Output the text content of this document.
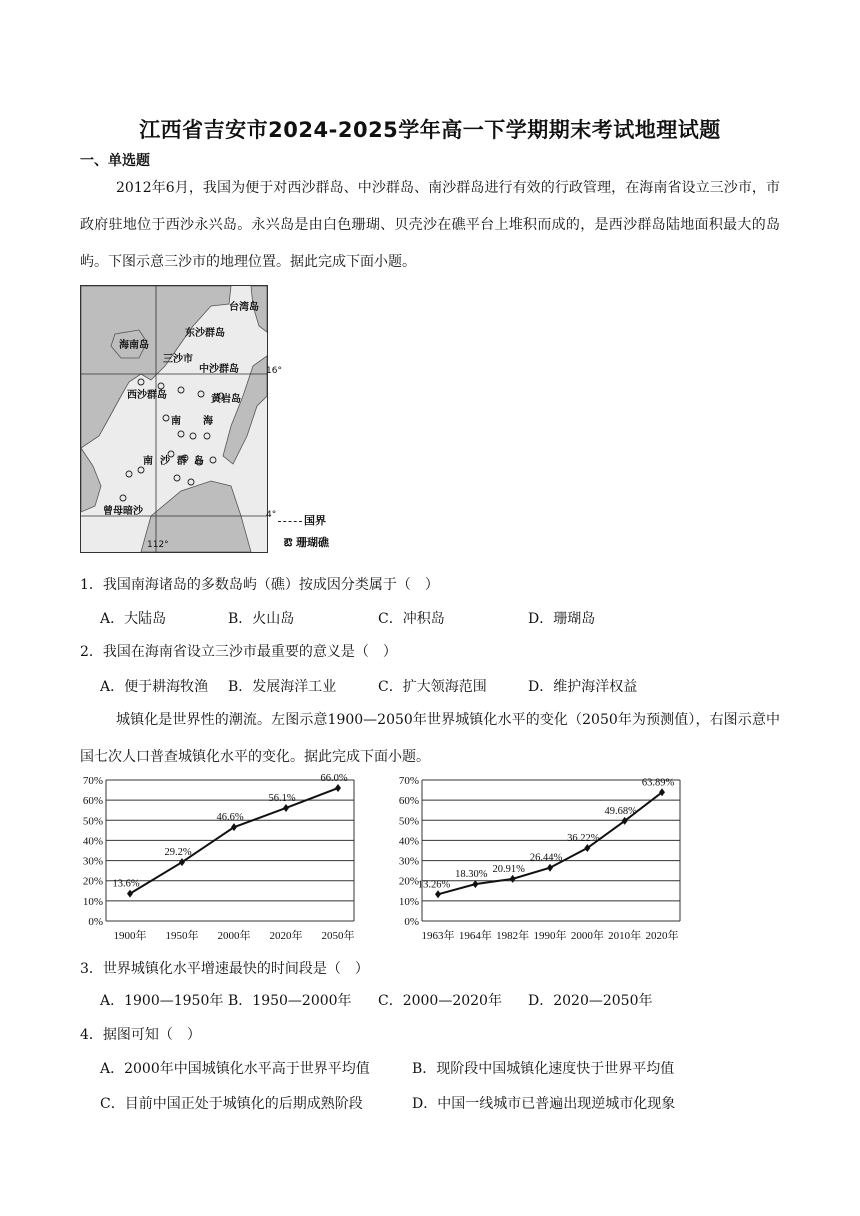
江西省吉安市2024-2025学年高一下学期期末考试地理试题
一、单选题
2012年6月，我国为便于对西沙群岛、中沙群岛、南沙群岛进行有效的行政管理，在海南省设立三沙市，市政府驻地位于西沙永兴岛。永兴岛是由白色珊瑚、贝壳沙在礁平台上堆积而成的，是西沙群岛陆地面积最大的岛屿。下图示意三沙市的地理位置。据此完成下面小题。
台湾岛
东沙群岛
海南岛
三沙市
中沙群岛
西沙群岛	黄岩岛
南 海
南  沙  群  岛
曾母暗沙
112°
16°
4°	国界
ఔ 珊瑚礁
1．我国南海诸岛的多数岛屿（礁）按成因分类属于（　）
A．大陆岛	B．火山岛	C．冲积岛	D．珊瑚岛
2．我国在海南省设立三沙市最重要的意义是（　）
A．便于耕海牧渔 B．发展海洋工业	C．扩大领海范围	D．维护海洋权益
城镇化是世界性的潮流。左图示意1900—2050年世界城镇化水平的变化（2050年为预测值），右图示意中国七次人口普查城镇化水平的变化。据此完成下面小题。
0%
10%
20%
30%
40%
50%
60%
70%
1900年 1950年 2000年 2020年 2050年
13.6%
29.2%
46.6%
56.1%
66.0%
0%
10%
20%
30%
40%
50%
60%
70%
1963年 1964年 1982年 1990年 2000年 2010年 2020年
13.26%
18.30% 20.91%
26.44%
36.22%
49.68%
63.89%
3．世界城镇化水平增速最快的时间段是（　）
A．1900—1950年 B．1950—2000年 C．2000—2020年 D．2020—2050年
4．据图可知（　）
A．2000年中国城镇化水平高于世界平均值	B．现阶段中国城镇化速度快于世界平均值
C．目前中国正处于城镇化的后期成熟阶段	D．中国一线城市已普遍出现逆城市化现象
